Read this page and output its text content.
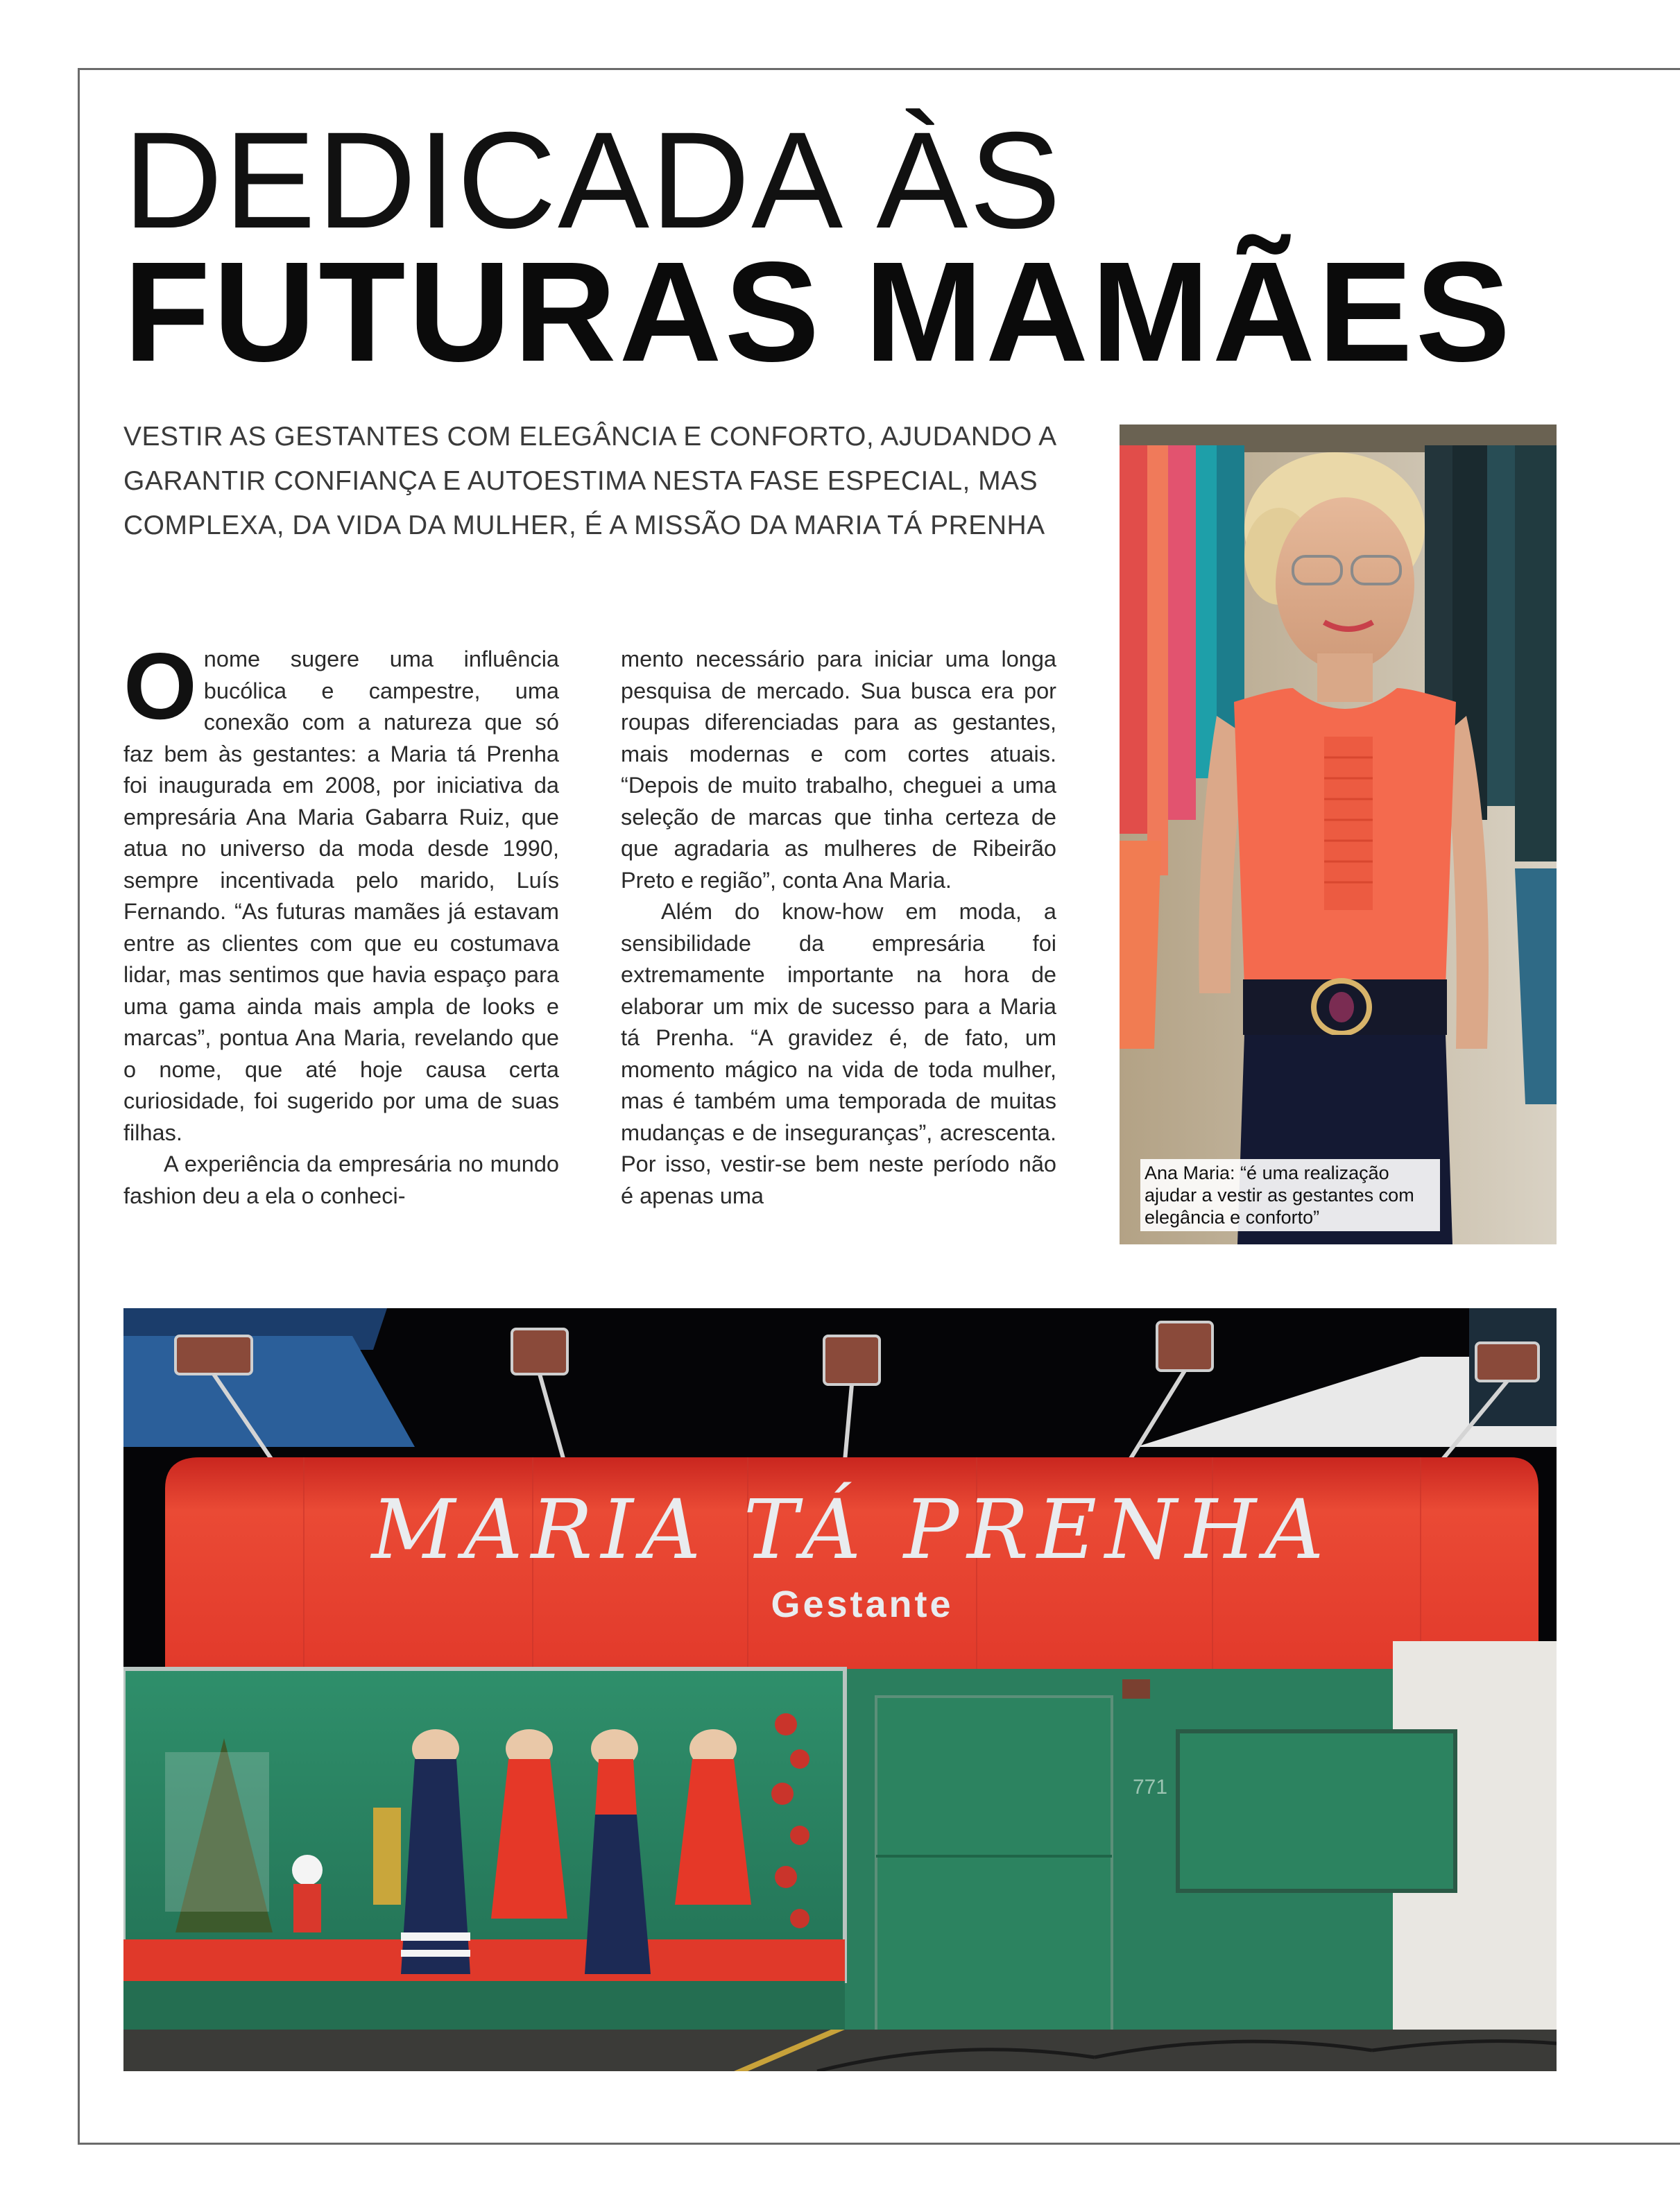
DEDICADA ÀS
FUTURAS MAMÃES
VESTIR AS GESTANTES COM ELEGÂNCIA E CONFORTO, AJUDANDO A GARANTIR CONFIANÇA E AUTOESTIMA NESTA FASE ESPECIAL, MAS COMPLEXA, DA VIDA DA MULHER, É A MISSÃO DA MARIA TÁ PRENHA

Onome sugere uma influência bucólica e campestre, uma conexão com a natureza que só faz bem às gestantes: a Maria tá Prenha foi inaugurada em 2008, por iniciativa da empresária Ana Maria Gabarra Ruiz, que atua no universo da moda desde 1990, sempre incentivada pelo marido, Luís Fernando. “As futuras mamães já estavam entre as clientes com que eu costumava lidar, mas sentimos que havia espaço para uma gama ainda mais ampla de looks e marcas”, pontua Ana Maria, revelando que o nome, que até hoje causa certa curiosidade, foi sugerido por uma de suas filhas.

A experiência da empresária no mundo fashion deu a ela o conheci-

mento necessário para iniciar uma longa pesquisa de mercado. Sua busca era por roupas diferenciadas para as gestantes, mais modernas e com cortes atuais. “Depois de muito trabalho, cheguei a uma seleção de marcas que tinha certeza de que agradaria as mulheres de Ribeirão Preto e região”, conta Ana Maria.

Além do know-how em moda, a sensibilidade da empresária foi extremamente importante na hora de elaborar um mix de sucesso para a Maria tá Prenha. “A gravidez é, de fato, um momento mágico na vida de toda mulher, mas é também uma temporada de muitas mudanças e de inseguranças”, acrescenta. Por isso, vestir-se bem neste período não é apenas uma

Ana Maria: “é uma realização ajudar a vestir as gestantes com elegância e conforto”
MARIA TÁ PRENHA
Gestante
771
